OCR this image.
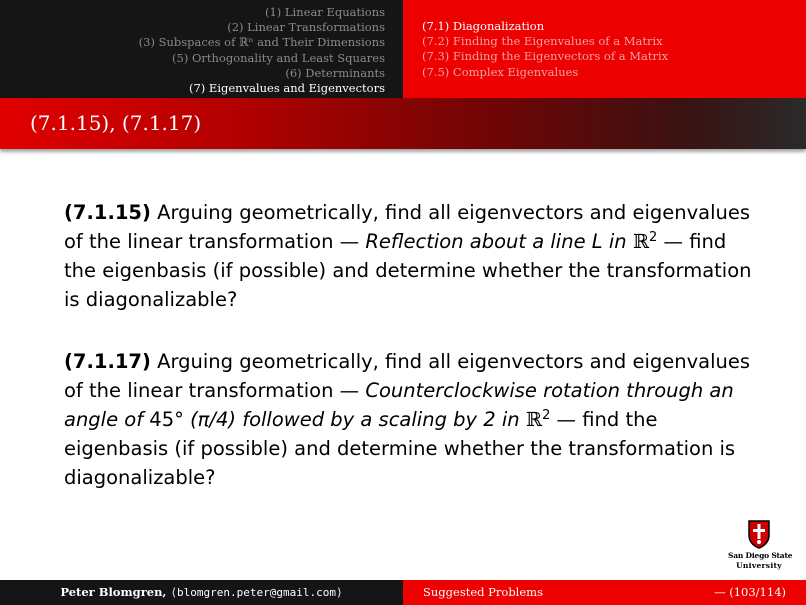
(1) Linear Equations
(2) Linear Transformations
(3) Subspaces of ℝⁿ and Their Dimensions
(5) Orthogonality and Least Squares
(6) Determinants
(7) Eigenvalues and Eigenvectors
(7.1) Diagonalization
(7.2) Finding the Eigenvalues of a Matrix
(7.3) Finding the Eigenvectors of a Matrix
(7.5) Complex Eigenvalues
(7.1.15), (7.1.17)
(7.1.15) Arguing geometrically, find all eigenvectors and eigenvalues of the linear transformation — Reflection about a line L in ℝ$^2$ — find the eigenbasis (if possible) and determine whether the transformation is diagonalizable?
(7.1.17) Arguing geometrically, find all eigenvectors and eigenvalues of the linear transformation — Counterclockwise rotation through an angle of 45° (π/4) followed by a scaling by 2 in ℝ$^2$ — find the eigenbasis (if possible) and determine whether the transformation is diagonalizable?
San Diego State
University
Peter Blomgren, ⟨blomgren.peter@gmail.com⟩	Suggested Problems	— (103/114)
